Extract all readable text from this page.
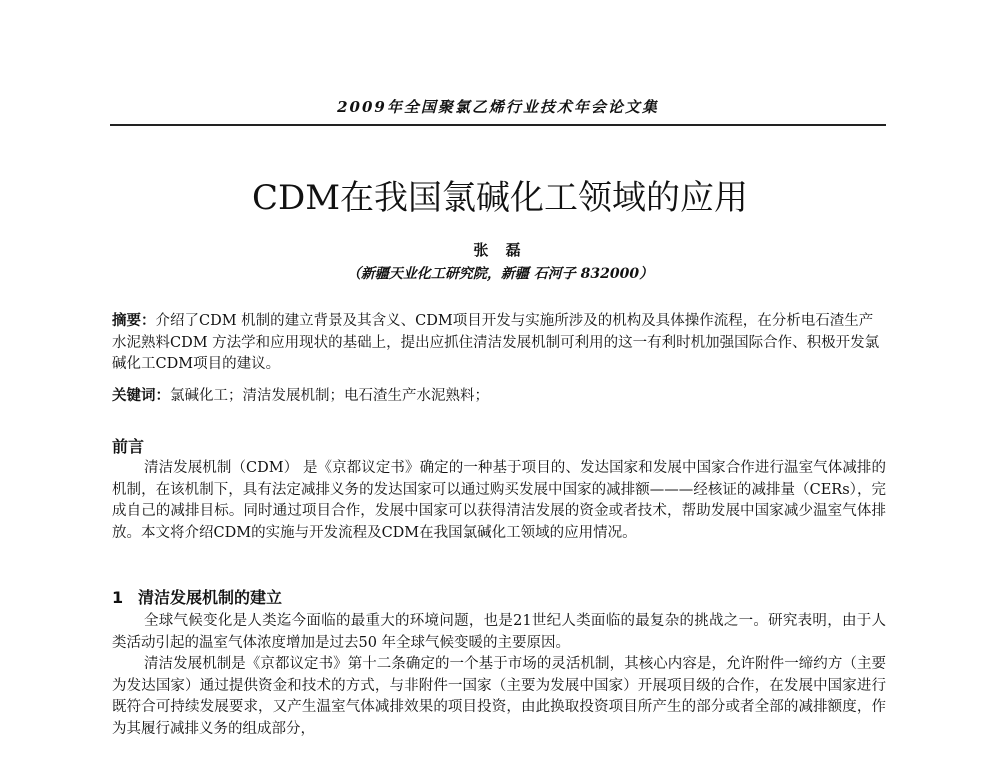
2009年全国聚氯乙烯行业技术年会论文集
CDM在我国氯碱化工领域的应用
张 磊
（新疆天业化工研究院，新疆 石河子 832000）
摘要：介绍了CDM 机制的建立背景及其含义、CDM项目开发与实施所涉及的机构及具体操作流程，在分析电石渣生产水泥熟料CDM 方法学和应用现状的基础上，提出应抓住清洁发展机制可利用的这一有利时机加强国际合作、积极开发氯碱化工CDM项目的建议。
关键词：氯碱化工；清洁发展机制；电石渣生产水泥熟料；
前言

清洁发展机制（CDM） 是《京都议定书》确定的一种基于项目的、发达国家和发展中国家合作进行温室气体减排的机制，在该机制下，具有法定减排义务的发达国家可以通过购买发展中国家的减排额———经核证的减排量（CERs），完成自己的减排目标。同时通过项目合作，发展中国家可以获得清洁发展的资金或者技术，帮助发展中国家减少温室气体排放。本文将介绍CDM的实施与开发流程及CDM在我国氯碱化工领域的应用情况。

1 清洁发展机制的建立

全球气候变化是人类迄今面临的最重大的环境问题，也是21世纪人类面临的最复杂的挑战之一。研究表明，由于人类活动引起的温室气体浓度增加是过去50 年全球气候变暖的主要原因。

清洁发展机制是《京都议定书》第十二条确定的一个基于市场的灵活机制，其核心内容是，允许附件一缔约方（主要为发达国家）通过提供资金和技术的方式，与非附件一国家（主要为发展中国家）开展项目级的合作，在发展中国家进行既符合可持续发展要求，又产生温室气体减排效果的项目投资，由此换取投资项目所产生的部分或者全部的减排额度，作为其履行减排义务的组成部分，
